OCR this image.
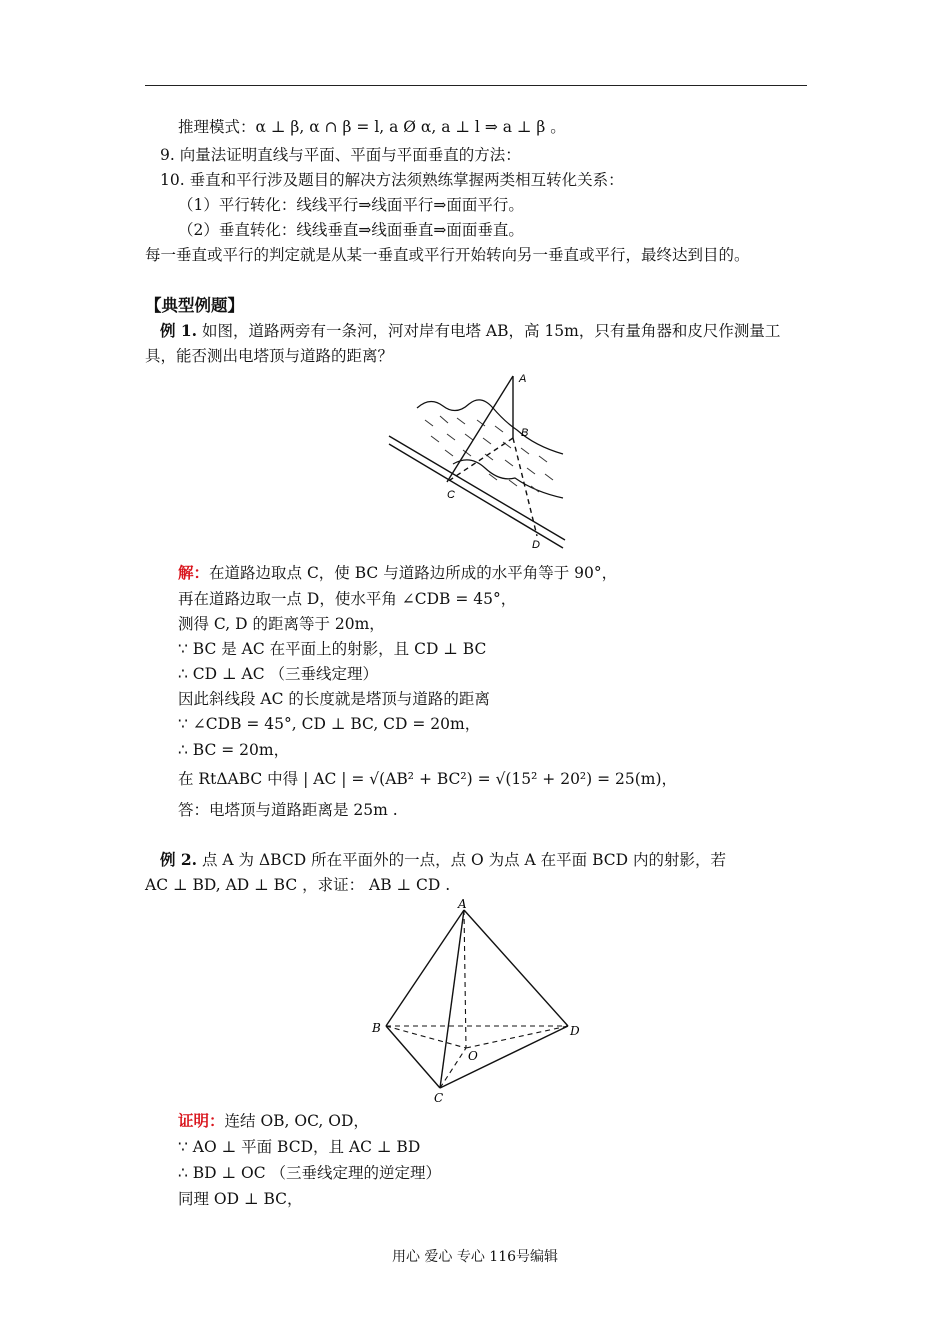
推理模式：α ⊥ β, α ∩ β = l, a Ø α, a ⊥ l ⇒ a ⊥ β 。
9. 向量法证明直线与平面、平面与平面垂直的方法：
10. 垂直和平行涉及题目的解决方法须熟练掌握两类相互转化关系：
（1）平行转化：线线平行⇒线面平行⇒面面平行。
（2）垂直转化：线线垂直⇒线面垂直⇒面面垂直。
每一垂直或平行的判定就是从某一垂直或平行开始转向另一垂直或平行，最终达到目的。
【典型例题】
例 1. 如图，道路两旁有一条河，河对岸有电塔 AB，高 15m，只有量角器和皮尺作测量工
具，能否测出电塔顶与道路的距离？
A
B
C
D
解：在道路边取点 C，使 BC 与道路边所成的水平角等于 90°，
再在道路边取一点 D，使水平角 ∠CDB = 45°，
测得 C, D 的距离等于 20m，
∵ BC 是 AC 在平面上的射影，且 CD ⊥ BC
∴ CD ⊥ AC （三垂线定理）
因此斜线段 AC 的长度就是塔顶与道路的距离
∵ ∠CDB = 45°, CD ⊥ BC, CD = 20m，
∴ BC = 20m，
在 RtΔABC 中得 | AC | = √(AB² + BC²) = √(15² + 20²) = 25(m)，
答：电塔顶与道路距离是 25m .
例 2. 点 A 为 ΔBCD 所在平面外的一点，点 O 为点 A 在平面 BCD 内的射影，若
AC ⊥ BD, AD ⊥ BC ，求证： AB ⊥ CD .
A
B
C
D
O
证明：连结 OB, OC, OD，
∵ AO ⊥ 平面 BCD，且 AC ⊥ BD
∴ BD ⊥ OC （三垂线定理的逆定理）
同理 OD ⊥ BC，
用心 爱心 专心 116号编辑
